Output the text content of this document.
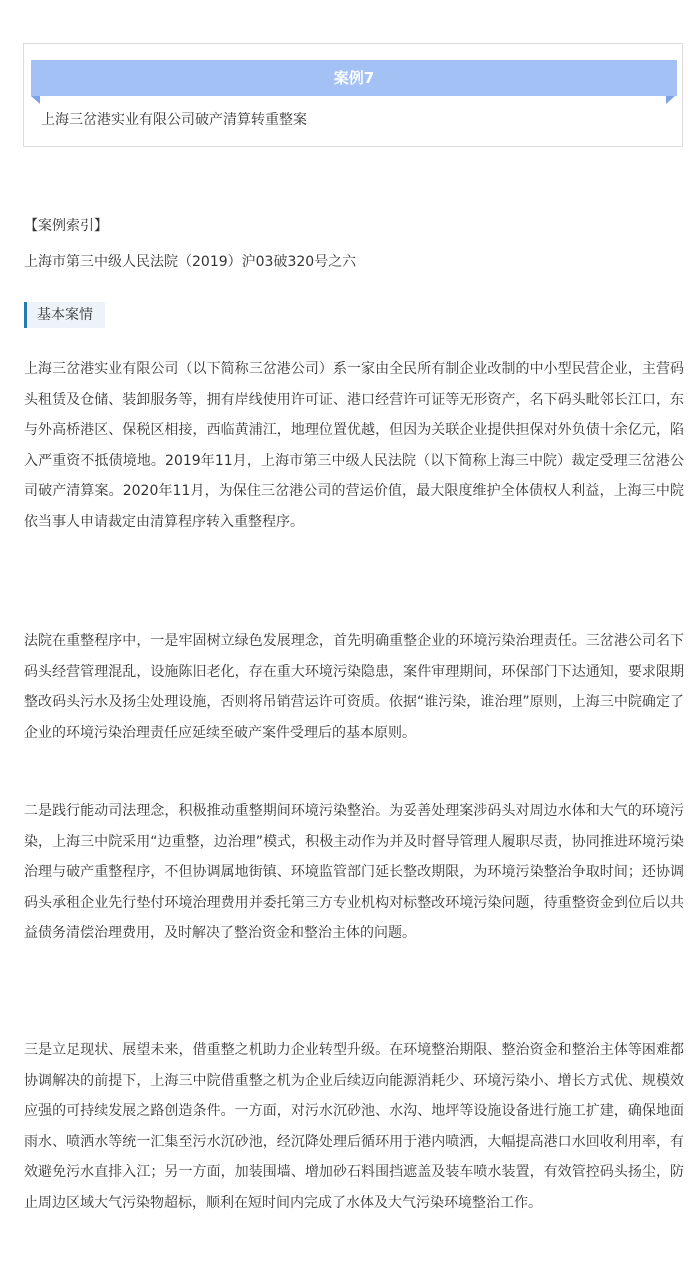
案例7
上海三岔港实业有限公司破产清算转重整案
【案例索引】
上海市第三中级人民法院（2019）沪03破320号之六
基本案情

上海三岔港实业有限公司（以下简称三岔港公司）系一家由全民所有制企业改制的中小型民营企业，主营码头租赁及仓储、装卸服务等，拥有岸线使用许可证、港口经营许可证等无形资产，名下码头毗邻长江口，东与外高桥港区、保税区相接，西临黄浦江，地理位置优越，但因为关联企业提供担保对外负债十余亿元，陷入严重资不抵债境地。2019年11月，上海市第三中级人民法院（以下简称上海三中院）裁定受理三岔港公司破产清算案。2020年11月，为保住三岔港公司的营运价值，最大限度维护全体债权人利益，上海三中院依当事人申请裁定由清算程序转入重整程序。

法院在重整程序中，一是牢固树立绿色发展理念，首先明确重整企业的环境污染治理责任。三岔港公司名下码头经营管理混乱，设施陈旧老化，存在重大环境污染隐患，案件审理期间，环保部门下达通知，要求限期整改码头污水及扬尘处理设施，否则将吊销营运许可资质。依据“谁污染，谁治理”原则，上海三中院确定了企业的环境污染治理责任应延续至破产案件受理后的基本原则。

二是践行能动司法理念，积极推动重整期间环境污染整治。为妥善处理案涉码头对周边水体和大气的环境污染，上海三中院采用“边重整，边治理”模式，积极主动作为并及时督导管理人履职尽责，协同推进环境污染治理与破产重整程序，不但协调属地街镇、环境监管部门延长整改期限，为环境污染整治争取时间；还协调码头承租企业先行垫付环境治理费用并委托第三方专业机构对标整改环境污染问题，待重整资金到位后以共益债务清偿治理费用，及时解决了整治资金和整治主体的问题。

三是立足现状、展望未来，借重整之机助力企业转型升级。在环境整治期限、整治资金和整治主体等困难都协调解决的前提下，上海三中院借重整之机为企业后续迈向能源消耗少、环境污染小、增长方式优、规模效应强的可持续发展之路创造条件。一方面，对污水沉砂池、水沟、地坪等设施设备进行施工扩建，确保地面雨水、喷洒水等统一汇集至污水沉砂池，经沉降处理后循环用于港内喷洒，大幅提高港口水回收利用率，有效避免污水直排入江；另一方面，加装围墙、增加砂石料围挡遮盖及装车喷水装置，有效管控码头扬尘，防止周边区域大气污染物超标，顺利在短时间内完成了水体及大气污染环境整治工作。
